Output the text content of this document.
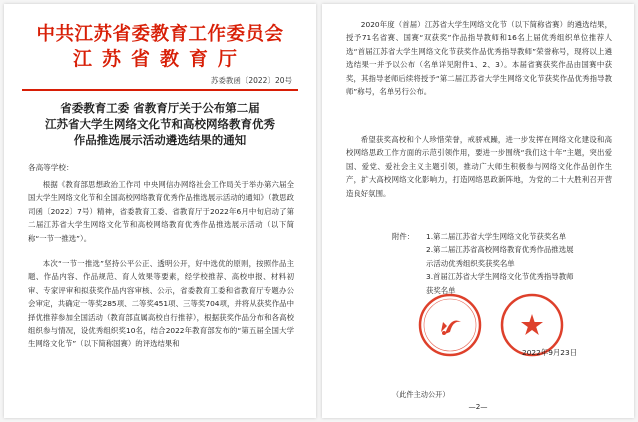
中共江苏省委教育工作委员会
江苏省教育厅
苏委教函〔2022〕20号
省委教育工委 省教育厅关于公布第二届
江苏省大学生网络文化节和高校网络教育优秀
作品推选展示活动遴选结果的通知
各高等学校：
根据《教育部思想政治工作司 中央网信办网络社会工作局关于举办第六届全国大学生网络文化节和全国高校网络教育优秀作品推选展示活动的通知》（教思政司函〔2022〕7号）精神，省委教育工委、省教育厅于2022年6月中旬启动了第二届江苏省大学生网络文化节和高校网络教育优秀作品推选展示活动（以下简称“一节一推选”）。
本次“一节一推选”坚持公平公正、透明公开，好中选优的原则，按照作品主题、作品内容、作品规范、育人效果等要素，经学校推荐、高校申报、材料初审、专家评审和拟获奖作品内容审核、公示，省委教育工委和省教育厅专题办公会审定，共确定一等奖285项、二等奖451项、三等奖704项，并将从获奖作品中择优推荐参加全国活动（教育部直属高校自行推荐），根据获奖作品分布和各高校组织参与情况，设优秀组织奖10名，结合2022年教育部发布的“第五届全国大学生网络文化节”（以下简称国赛）的评选结果和
2020年度（首届）江苏省大学生网络文化节（以下简称省赛）的遴选结果，授予71名省赛、国赛“双获奖”作品指导教师和16名上届优秀组织单位推荐人选“首届江苏省大学生网络文化节获奖作品优秀指导教师”荣誉称号，现将以上遴选结果一并予以公布（名单详见附件1、2、3）。本届省赛获奖作品由国赛中获奖，其指导老师后续将授予“第二届江苏省大学生网络文化节获奖作品优秀指导教师”称号，名单另行公布。
希望获奖高校和个人珍惜荣誉，戒骄戒躁，进一步发挥在网络文化建设和高校网络思政工作方面的示范引领作用，要进一步围绕“我们这十年”主题，突出爱国、爱党、爱社会主义主题引领，推动广大师生积极参与网络文化作品创作生产，扩大高校网络文化影响力，打造网络思政新阵地，为党的二十大胜利召开营造良好氛围。
附件：	1.第二届江苏省大学生网络文化节获奖名单
2.第二届江苏省高校网络教育优秀作品推选展示活动优秀组织奖获奖名单
3.首届江苏省大学生网络文化节优秀指导教师获奖名单
2022年9月23日
（此件主动公开）
—2—
